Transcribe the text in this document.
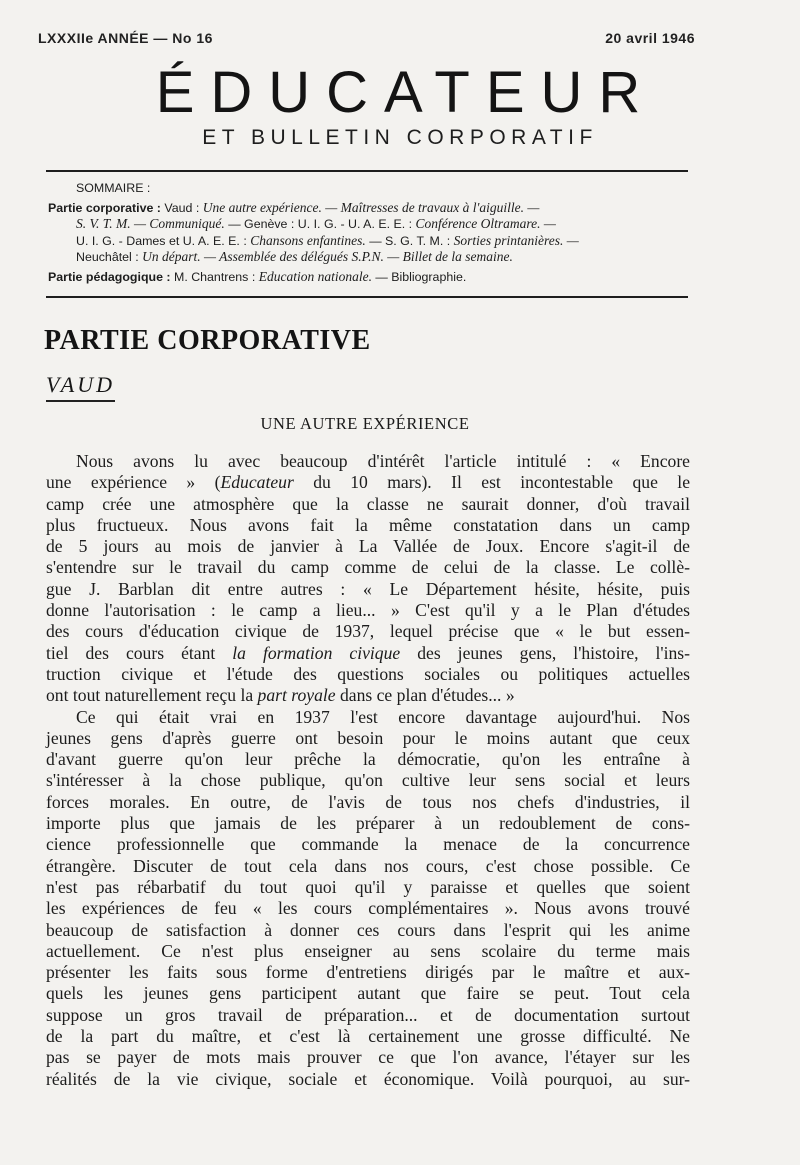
LXXXIIe ANNÉE — No 16	20 avril 1946
ÉDUCATEUR
ET BULLETIN CORPORATIF
SOMMAIRE :
Partie corporative : Vaud : Une autre expérience. — Maîtresses de travaux à l'aiguille. —
S. V. T. M. — Communiqué. — Genève : U. I. G. - U. A. E. E. : Conférence Oltramare. —
U. I. G. - Dames et U. A. E. E. : Chansons enfantines. — S. G. T. M. : Sorties printanières. —
Neuchâtel : Un départ. — Assemblée des délégués S.P.N. — Billet de la semaine.
Partie pédagogique : M. Chantrens : Education nationale. — Bibliographie.
PARTIE CORPORATIVE
VAUD
UNE AUTRE EXPÉRIENCE
Nous avons lu avec beaucoup d'intérêt l'article intitulé : « Encore
une expérience » (Educateur du 10 mars). Il est incontestable que le
camp crée une atmosphère que la classe ne saurait donner, d'où travail
plus fructueux. Nous avons fait la même constatation dans un camp
de 5 jours au mois de janvier à La Vallée de Joux. Encore s'agit-il de
s'entendre sur le travail du camp comme de celui de la classe. Le collè-
gue J. Barblan dit entre autres : « Le Département hésite, hésite, puis
donne l'autorisation : le camp a lieu... » C'est qu'il y a le Plan d'études
des cours d'éducation civique de 1937, lequel précise que « le but essen-
tiel des cours étant la formation civique des jeunes gens, l'histoire, l'ins-
truction civique et l'étude des questions sociales ou politiques actuelles
ont tout naturellement reçu la part royale dans ce plan d'études... »
Ce qui était vrai en 1937 l'est encore davantage aujourd'hui. Nos
jeunes gens d'après guerre ont besoin pour le moins autant que ceux
d'avant guerre qu'on leur prêche la démocratie, qu'on les entraîne à
s'intéresser à la chose publique, qu'on cultive leur sens social et leurs
forces morales. En outre, de l'avis de tous nos chefs d'industries, il
importe plus que jamais de les préparer à un redoublement de cons-
cience professionnelle que commande la menace de la concurrence
étrangère. Discuter de tout cela dans nos cours, c'est chose possible. Ce
n'est pas rébarbatif du tout quoi qu'il y paraisse et quelles que soient
les expériences de feu « les cours complémentaires ». Nous avons trouvé
beaucoup de satisfaction à donner ces cours dans l'esprit qui les anime
actuellement. Ce n'est plus enseigner au sens scolaire du terme mais
présenter les faits sous forme d'entretiens dirigés par le maître et aux-
quels les jeunes gens participent autant que faire se peut. Tout cela
suppose un gros travail de préparation... et de documentation surtout
de la part du maître, et c'est là certainement une grosse difficulté. Ne
pas se payer de mots mais prouver ce que l'on avance, l'étayer sur les
réalités de la vie civique, sociale et économique. Voilà pourquoi, au sur-
